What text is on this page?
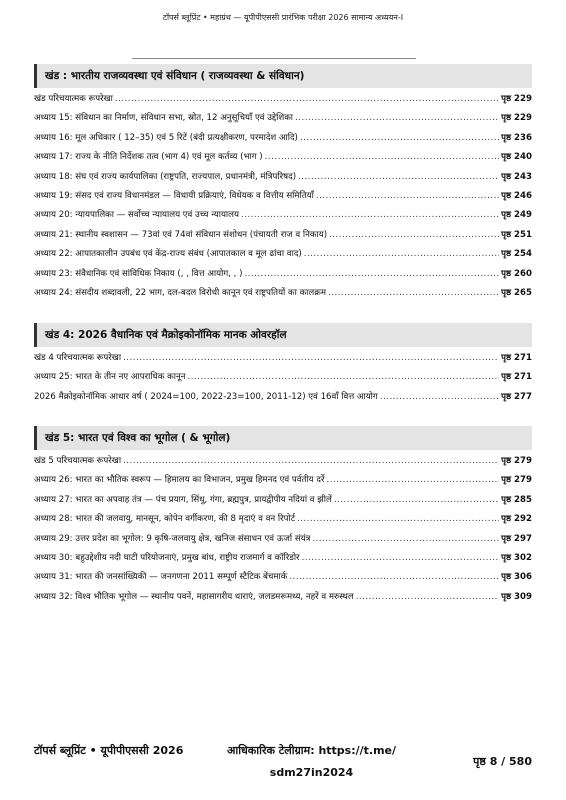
टॉपर्स ब्लूप्रिंट • महाग्रंथ — यूपीपीएससी प्रारंभिक परीक्षा 2026 सामान्य अध्ययन-I
खंड : भारतीय राजव्यवस्था एवं संविधान ( राजव्यवस्था & संविधान)
खंड परिचयात्मक रूपरेखा .....	पृष्ठ 229
अध्याय 15: संविधान का निर्माण, संविधान सभा, स्रोत, 12 अनुसूचियाँ एवं उद्देशिका .....	पृष्ठ 229
अध्याय 16: मूल अधिकार ( 12–35) एवं 5 रिटें (बंदी प्रत्यक्षीकरण, परमादेश आदि) .....	पृष्ठ 236
अध्याय 17: राज्य के नीति निर्देशक तत्व (भाग 4) एवं मूल कर्तव्य (भाग ) .....	पृष्ठ 240
अध्याय 18: संघ एवं राज्य कार्यपालिका (राष्ट्रपति, राज्यपाल, प्रधानमंत्री, मंत्रिपरिषद) .....	पृष्ठ 243
अध्याय 19: संसद एवं राज्य विधानमंडल — विधायी प्रक्रियाएं, विधेयक व वित्तीय समितियाँ .....	पृष्ठ 246
अध्याय 20: न्यायपालिका — सर्वोच्च न्यायालय एवं उच्च न्यायालय .....	पृष्ठ 249
अध्याय 21: स्थानीय स्वशासन — 73वां एवं 74वां संविधान संशोधन (पंचायती राज व निकाय) .....	पृष्ठ 251
अध्याय 22: आपातकालीन उपबंध एवं केंद्र-राज्य संबंध (आपातकाल व मूल ढांचा वाद) .....	पृष्ठ 254
अध्याय 23: संवैधानिक एवं सांविधिक निकाय (, , वित्त आयोग, , ) .....	पृष्ठ 260
अध्याय 24: संसदीय शब्दावली, 22 भाग, दल-बदल विरोधी कानून एवं राष्ट्रपतियों का कालक्रम .....	पृष्ठ 265
खंड 4: 2026 वैधानिक एवं मैक्रोइकोनॉमिक मानक ओवरहॉल
खंड 4 परिचयात्मक रूपरेखा .....	पृष्ठ 271
अध्याय 25: भारत के तीन नए आपराधिक कानून .....	पृष्ठ 271
2026 मैक्रोइकोनॉमिक आधार वर्ष ( 2024=100, 2022-23=100, 2011-12) एवं 16वाँ वित्त आयोग .....	पृष्ठ 277
खंड 5: भारत एवं विश्व का भूगोल ( & भूगोल)
खंड 5 परिचयात्मक रूपरेखा .....	पृष्ठ 279
अध्याय 26: भारत का भौतिक स्वरूप — हिमालय का विभाजन, प्रमुख हिमनद एवं पर्वतीय दर्रे .....	पृष्ठ 279
अध्याय 27: भारत का अपवाह तंत्र — पंच प्रयाग, सिंधु, गंगा, ब्रह्मपुत्र, प्रायद्वीपीय नदियां व झीलें .....	पृष्ठ 285
अध्याय 28: भारत की जलवायु, मानसून, कोपेन वर्गीकरण, की 8 मृदाएं व वन रिपोर्ट .....	पृष्ठ 292
अध्याय 29: उत्तर प्रदेश का भूगोल: 9 कृषि-जलवायु क्षेत्र, खनिज संसाधन एवं ऊर्जा संयंत्र .....	पृष्ठ 297
अध्याय 30: बहुउद्देशीय नदी घाटी परियोजनाएं, प्रमुख बांध, राष्ट्रीय राजमार्ग व कॉरिडोर .....	पृष्ठ 302
अध्याय 31: भारत की जनसांख्यिकी — जनगणना 2011 सम्पूर्ण स्टैटिक बेंचमार्क .....	पृष्ठ 306
अध्याय 32: विश्व भौतिक भूगोल — स्थानीय पवनें, महासागरीय धाराएं, जलडमरूमध्य, नहरें व मरुस्थल .....	पृष्ठ 309
टॉपर्स ब्लूप्रिंट • यूपीपीएससी 2026	आधिकारिक टेलीग्राम: https://t.me/ sdm27in2024
पृष्ठ 8 / 580
